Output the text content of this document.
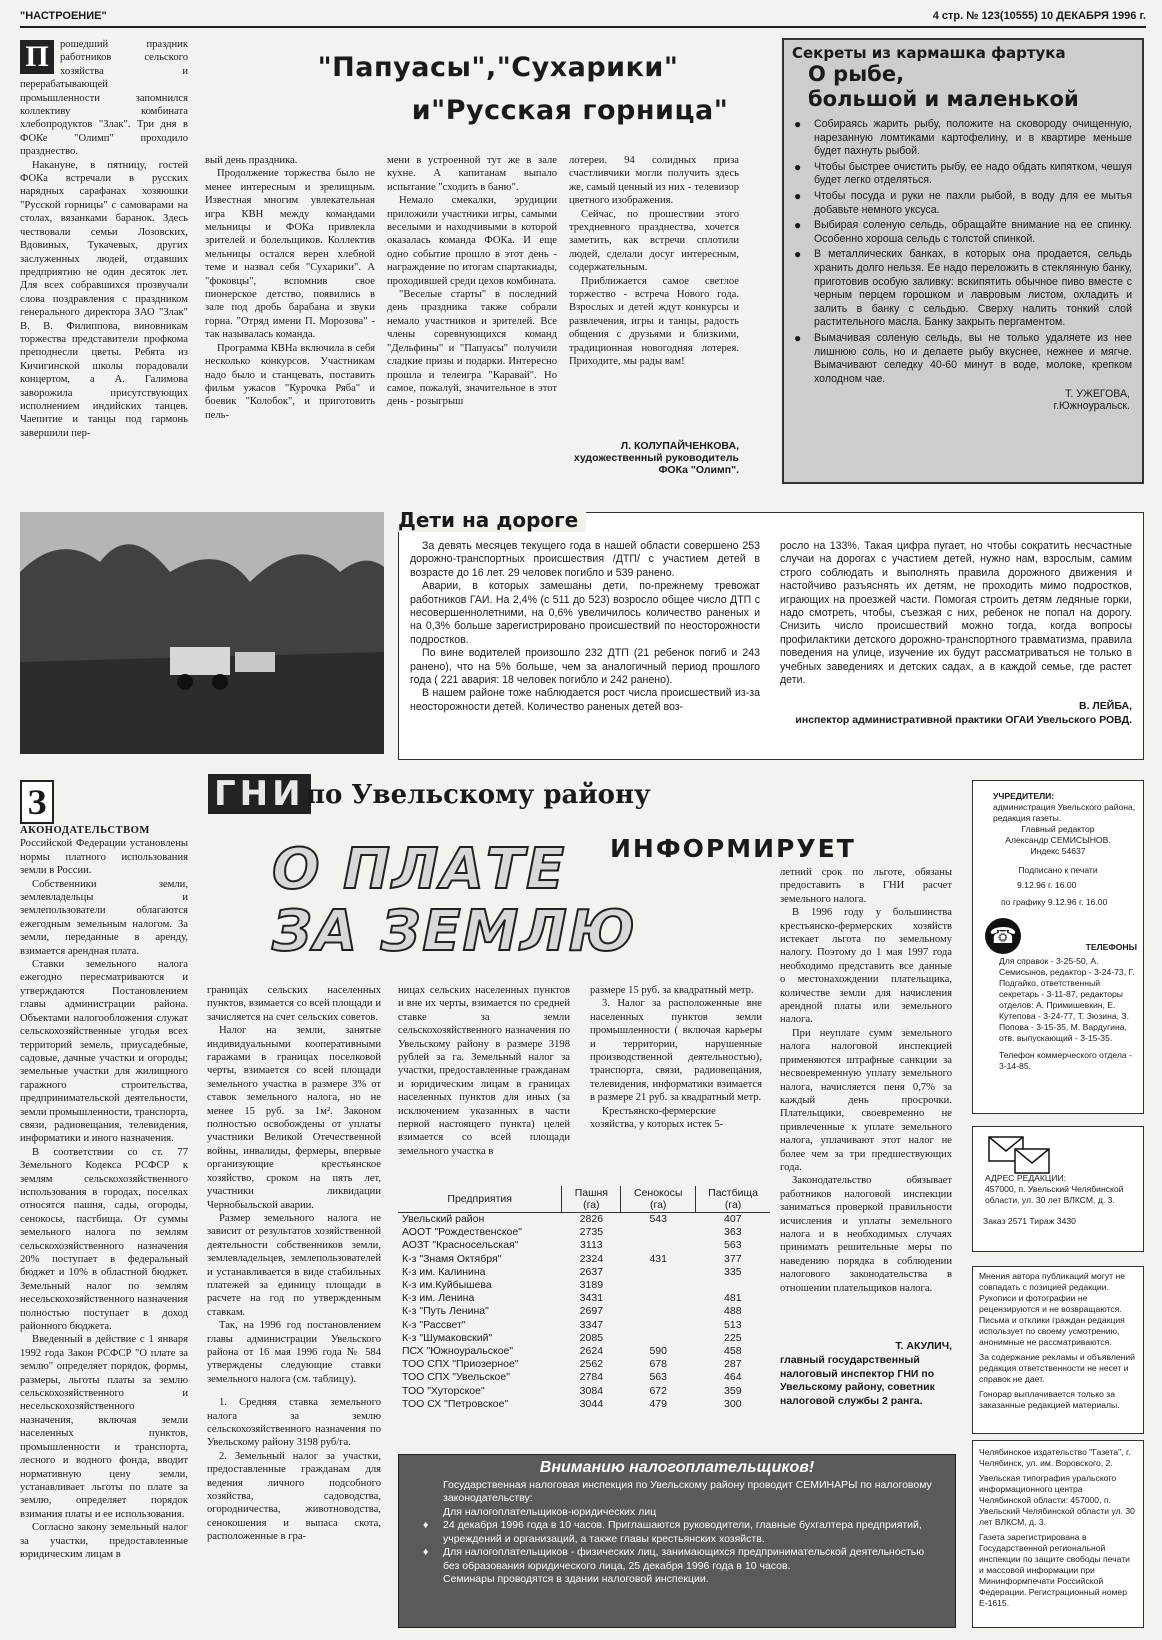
"НАСТРОЕНИЕ"	4 стр. № 123(10555) 10 ДЕКАБРЯ 1996 г.
П	рошедший праздник работников сельского хозяйства и перерабатывающей промышленности запомнился коллективу комбината хлебопродуктов "Злак". Три дня в ФОКе "Олимп" проходило празднество.

Накануне, в пятницу, гостей ФОКа встречали в русских нарядных сарафанах хозяюшки "Русской горницы" с самоварами на столах, вязанками баранок. Здесь чествовали семьи Лозовских, Вдовиных, Тукачевых, других заслуженных людей, отдавших предприятию не один десяток лет. Для всех собравшихся прозвучали слова поздравления с праздником генерального директора ЗАО "Злак" В. В. Филиппова, виновникам торжества представители профкома преподнесли цветы. Ребята из Кичигинской школы порадовали концертом, а А. Галимова заворожила присутствующих исполнением индийских танцев. Чаепитие и танцы под гармонь завершили пер-

"Папуасы","Сухарики"
и"Русская горница"
вый день праздника.

Продолжение торжества было не менее интересным и зрелищным. Известная многим увлекательная игра КВН между командами мельницы и ФОКа привлекла зрителей и болельщиков. Коллектив мельницы остался верен хлебной теме и назвал себя "Сухарики". А "фоковцы", вспомнив свое пионерское детство, появились в зале под дробь барабана и звуки горна. "Отряд имени П. Морозова" - так называлась команда.

Программа КВНа включила в себя несколько конкурсов. Участникам надо было и станцевать, поставить фильм ужасов "Курочка Ряба" и боевик "Колобок", и приготовить пель-

мени в устроенной тут же в зале кухне. А капитанам выпало испытание "сходить в баню".

Немало смекалки, эрудиции приложили участники игры, самыми веселыми и находчивыми в которой оказалась команда ФОКа. И еще одно событие прошло в этот день - награждение по итогам спартакиады, проходившей среди цехов комбината.

"Веселые старты" в последний день праздника также собрали немало участников и зрителей. Все члены соревнующихся команд "Дельфины" и "Папуасы" получили сладкие призы и подарки. Интересно прошла и телеигра "Каравай". Но самое, пожалуй, значительное в этот день - розыгрыш

лотереи. 94 солидных приза счастливчики могли получить здесь же, самый ценный из них - телевизор цветного изображения.

Сейчас, по прошествии этого трехдневного празднества, хочется заметить, как встречи сплотили людей, сделали досуг интересным, содержательным.

Приближается самое светлое торжество - встреча Нового года. Взрослых и детей ждут конкурсы и развлечения, игры и танцы, радость общения с друзьями и близкими, традиционная новогодняя лотерея. Приходите, мы рады вам!

Л. КОЛУПАЙЧЕНКОВА, художественный руководитель ФОКа "Олимп".
Секреты из кармашка фартука
О рыбе,
большой и маленькой
● Собираясь жарить рыбу, положите на сковороду очищенную, нарезанную ломтиками картофелину, и в квартире меньше будет пахнуть рыбой.
● Чтобы быстрее очистить рыбу, ее надо обдать кипятком, чешуя будет легко отделяться.
● Чтобы посуда и руки не пахли рыбой, в воду для ее мытья добавьте немного уксуса.
● Выбирая соленую сельдь, обращайте внимание на ее спинку. Особенно хороша сельдь с толстой спинкой.
● В металлических банках, в которых она продается, сельдь хранить долго нельзя. Ее надо переложить в стеклянную банку, приготовив особую заливку: вскипятить обычное пиво вместе с черным перцем горошком и лавровым листом, охладить и залить в банку с сельдью. Сверху налить тонкий слой растительного масла. Банку закрыть пергаментом.
● Вымачивая соленую сельдь, вы не только удаляете из нее лишнюю соль, но и делаете рыбу вкуснее, нежнее и мягче. Вымачивают селедку 40-60 минут в воде, молоке, крепком холодном чае.
Т. УЖЕГОВА,
г.Южноуральск.
Дети на дороге

За девять месяцев текущего года в нашей области совершено 253 дорожно-транспортных происшествия /ДТП/ с участием детей в возрасте до 16 лет. 29 человек погибло и 539 ранено.

Аварии, в которых замешаны дети, по-прежнему тревожат работников ГАИ. На 2,4% (с 511 до 523) возросло общее число ДТП с несовершеннолетними, на 0,6% увеличилось количество раненых и на 0,3% больше зарегистрировано происшествий по неосторожности подростков.

По вине водителей произошло 232 ДТП (21 ребенок погиб и 243 ранено), что на 5% больше, чем за аналогичный период прошлого года ( 221 авария: 18 человек погибло и 242 ранено).

В нашем районе тоже наблюдается рост числа происшествий из-за неосторожности детей. Количество раненых детей воз-

росло на 133%. Такая цифра пугает, но чтобы сократить несчастные случаи на дорогах с участием детей, нужно нам, взрослым, самим строго соблюдать и выполнять правила дорожного движения и настойчиво разъяснять их детям, не проходить мимо подростков, играющих на проезжей части. Помогая строить детям ледяные горки, надо смотреть, чтобы, съезжая с них, ребенок не попал на дорогу. Снизить число происшествий можно тогда, когда вопросы профилактики детского дорожно-транспортного травматизма, правила поведения на улице, изучение их будут рассматриваться не только в учебных заведениях и детских садах, а в каждой семье, где растет дети.
В. ЛЕЙБА,
инспектор административной практики ОГАИ Увельского РОВД.
З
АКОНОДАТЕЛЬСТВОМ Российской Федерации установлены нормы платного использования земли в России.

Собственники земли, землевладельцы и землепользователи облагаются ежегодным земельным налогом. За земли, переданные в аренду, взимается арендная плата.

Ставки земельного налога ежегодно пересматриваются и утверждаются Постановлением главы администрации района. Объектами налогообложения служат сельскохозяйственные угодья всех территорий земель, приусадебные, садовые, дачные участки и огороды; земельные участки для жилищного гаражного строительства, предпринимательской деятельности, земли промышленности, транспорта, связи, радиовещания, телевидения, информатики и иного назначения.

В соответствии со ст. 77 Земельного Кодекса РСФСР к землям сельскохозяйственного использования в городах, поселках относятся пашня, сады, огороды, сенокосы, пастбища. От суммы земельного налога по землям сельскохозяйственного назначения 20% поступает в федеральный бюджет и 10% в областной бюджет. Земельный налог по землям несельскохозяйственного назначения полностью поступает в доход районного бюджета.

Введенный в действие с 1 января 1992 года Закон РСФСР "О плате за землю" определяет порядок, формы, размеры, льготы платы за землю сельскохозяйственного и несельскохозяйственного назначения, включая земли населенных пунктов, промышленности и транспорта, лесного и водного фонда, вводит нормативную цену земли, устанавливает льготы по плате за землю, определяет порядок взимания платы и ее использования.

Согласно закону земельный налог за участки, предоставленные юридическим лицам в

ГНИ по Увельскому району
ИНФОРМИРУЕТ
О ПЛАТЕ
ЗА ЗЕМЛЮ
границах сельских населенных пунктов, взимается со всей площади и зачисляется на счет сельских советов.

Налог на земли, занятые индивидуальными кооперативными гаражами в границах поселковой черты, взимается со всей площади земельного участка в размере 3% от ставок земельного налога, но не менее 15 руб. за 1м². Законом полностью освобождены от уплаты участники Великой Отечественной войны, инвалиды, фермеры, впервые организующие крестьянское хозяйство, сроком на пять лет, участники ликвидации Чернобыльской аварии.

Размер земельного налога не зависит от результатов хозяйственной деятельности собственников земли, землевладельцев, землепользователей и устанавливается в виде стабильных платежей за единицу площади в расчете на год по утвержденным ставкам.

Так, на 1996 год постановлением главы администрации Увельского района от 16 мая 1996 года № 584 утверждены следующие ставки земельного налога (см. таблицу).

1. Средняя ставка земельного налога за землю сельскохозяйственного назначения по Увельскому району 3198 руб/га.

2. Земельный налог за участки, предоставленные гражданам для ведения личного подсобного хозяйства, садоводства, огородничества, животноводства, сенокошения и выпаса скота, расположенные в гра-

ницах сельских населенных пунктов и вне их черты, взимается по средней ставке за земли сельскохозяйственного назначения по Увельскому району в размере 3198 рублей за га. Земельный налог за участки, предоставленные гражданам и юридическим лицам в границах населенных пунктов для иных (за исключением указанных в части первой настоящего пункта) целей взимается со всей площади земельного участка в
размере 15 руб. за квадратный метр.

3. Налог за расположенные вне населенных пунктов земли промышленности ( включая карьеры и территории, нарушенные производственной деятельностью), транспорта, связи, радиовещания, телевидения, информатики взимается в размере 21 руб. за квадратный метр.

Крестьянско-фермерские хозяйства, у которых истек 5-

летний срок по льготе, обязаны предоставить в ГНИ расчет земельного налога.

В 1996 году у большинства крестьянско-фермерских хозяйств истекает льгота по земельному налогу. Поэтому до 1 мая 1997 года необходимо представить все данные о местонахождении плательщика, количестве земли для начисления арендной платы или земельного налога.

При неуплате сумм земельного налога налоговой инспекцией применяются штрафные санкции за несвоевременную уплату земельного налога, начисляется пеня 0,7% за каждый день просрочки. Плательщики, своевременно не привлеченные к уплате земельного налога, уплачивают этот налог не более чем за три предшествующих года.

Законодательство обязывает работников налоговой инспекции заниматься проверкой правильности исчисления и уплаты земельного налога и в необходимых случаях принимать решительные меры по наведению порядка в соблюдении налогового законодательства в отношении плательщиков налога.

Т. АКУЛИЧ,
главный государственный налоговый инспектор ГНИ по Увельскому району, советник налоговой службы 2 ранга.
Предприятия	Пашня (га)	Сенокосы (га)	Пастбища (га)
Увельский район	2826	543	407
АООТ "Рождественское"	2735		363
АОЗТ "Красносельская"	3113		563
К-з "Знамя Октября"	2324	431	377
К-з им. Калинина	2637		335
К-з им.Куйбышева	3189		
К-з им. Ленина	3431		481
К-з "Путь Ленина"	2697		488
К-з "Рассвет"	3347		513
К-з "Шумаковский"	2085		225
ПСХ "Южноуральское"	2624	590	458
ТОО СПХ "Приозерное"	2562	678	287
ТОО СПХ "Увельское"	2784	563	464
ТОО "Хуторское"	3084	672	359
ТОО СХ "Петровское"	3044	479	300
Вниманию налогоплательщиков!
Государственная налоговая инспекция по Увельскому району проводит СЕМИНАРЫ по налоговому законодательству:
Для налогоплательщиков-юридических лиц
♦ 24 декабря 1996 года в 10 часов. Приглашаются руководители, главные бухгалтера предприятий, учреждений и организаций, а также главы крестьянских хозяйств.
♦ Для налогоплательщиков - физических лиц, занимающихся предпринимательской деятельностью без образования юридического лица, 25 декабря 1996 года в 10 часов.
Семинары проводятся в здании налоговой инспекции.
УЧРЕДИТЕЛИ:
администрация Увельского района, редакция газеты.
Главный редактор
Александр СЕМИСЫНОВ.
Индекс 54637
Подписано к печати
9.12.96 г. 16.00
по графику 9.12.96 г. 16.00
☎	ТЕЛЕФОНЫ
Для справок - 3-25-50, А. Семисынов, редактор - 3-24-73, Г. Подгайко, ответственный секретарь - 3-11-87, редакторы отделов: А. Примишевкин, Е. Кутепова - 3-24-77, Т. Зюзина, З. Попова - 3-15-35, М. Вардугина, отв. выпускающий - 3-15-35.
Телефон коммерческого отдела - 3-14-85.
АДРЕС РЕДАКЦИИ:
457000, п. Увельский Челябинской области, ул. 30 лет ВЛКСМ, д. 3.
Заказ 2571 Тираж 3430
Мнения автора публикаций могут не совпадать с позицией редакции. Рукописи и фотографии не рецензируются и не возвращаются. Письма и отклики граждан редакция использует по своему усмотрению, анонимные не рассматриваются.
За содержание рекламы и объявлений редакция ответственности не несет и справок не дает.
Гонорар выплачивается только за заказанные редакцией материалы.
Челябинское издательство "Газета", г. Челябинск, ул. им. Воровского, 2.
Увельская типография уральского информационного центра Челябинской области: 457000, п. Увельский Челябинской области ул. 30 лет ВЛКСМ, д. 3.
Газета зарегистрирована в Государственной региональной инспекции по защите свободы печати и массовой информации при Мининформпечати Российской Федерации. Регистрационный номер Е-1615.
